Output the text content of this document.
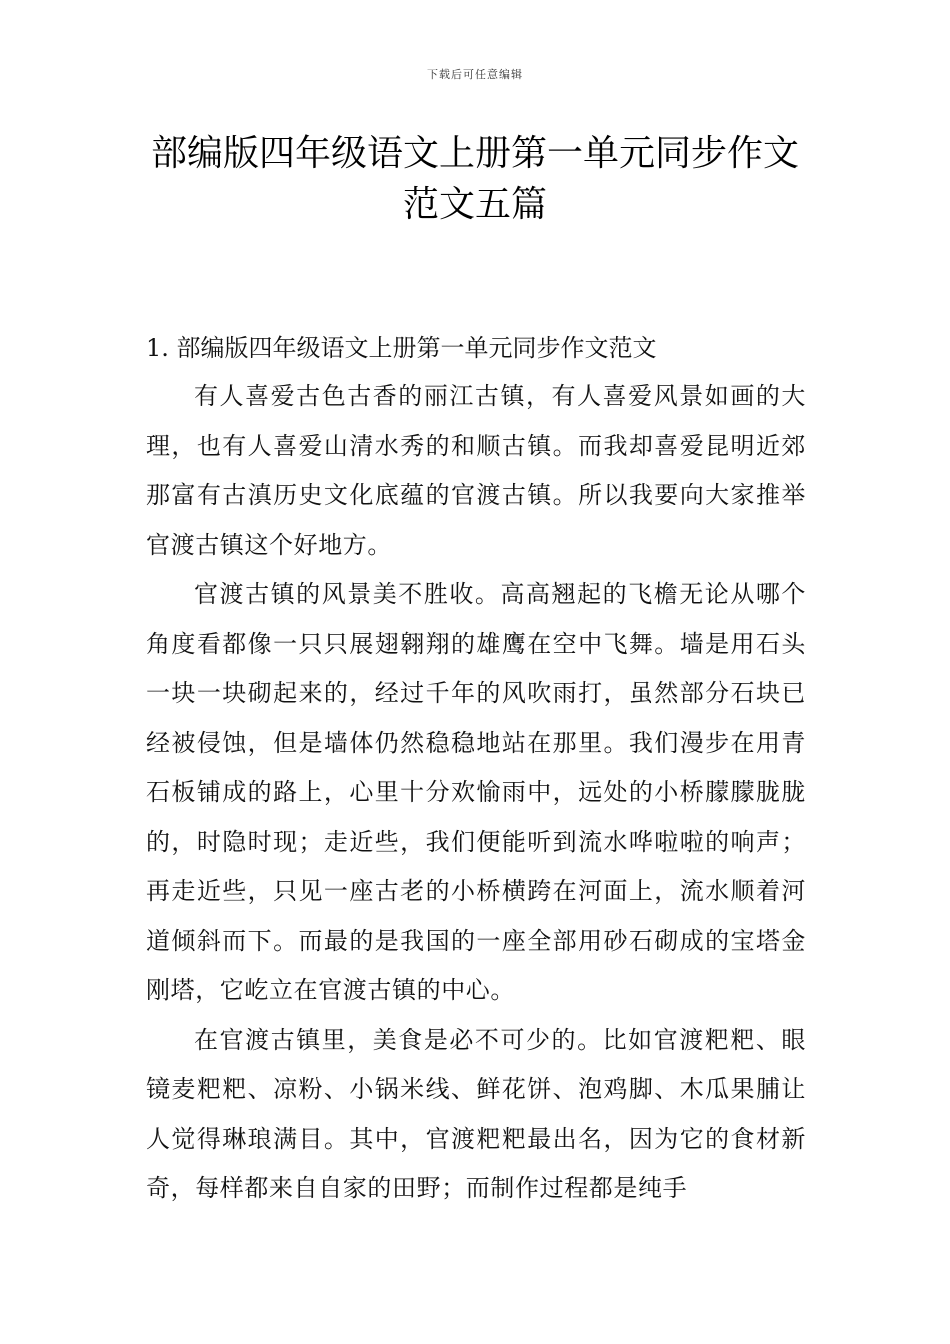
下载后可任意编辑
部编版四年级语文上册第一单元同步作文
范文五篇

1. 部编版四年级语文上册第一单元同步作文范文

有人喜爱古色古香的丽江古镇，有人喜爱风景如画的大理，也有人喜爱山清水秀的和顺古镇。而我却喜爱昆明近郊那富有古滇历史文化底蕴的官渡古镇。所以我要向大家推举官渡古镇这个好地方。

官渡古镇的风景美不胜收。高高翘起的飞檐无论从哪个角度看都像一只只展翅翱翔的雄鹰在空中飞舞。墙是用石头一块一块砌起来的，经过千年的风吹雨打，虽然部分石块已经被侵蚀，但是墙体仍然稳稳地站在那里。我们漫步在用青石板铺成的路上，心里十分欢愉雨中，远处的小桥朦朦胧胧的，时隐时现；走近些，我们便能听到流水哗啦啦的响声；再走近些，只见一座古老的小桥横跨在河面上，流水顺着河道倾斜而下。而最的是我国的一座全部用砂石砌成的宝塔金刚塔，它屹立在官渡古镇的中心。

在官渡古镇里，美食是必不可少的。比如官渡粑粑、眼镜麦粑粑、凉粉、小锅米线、鲜花饼、泡鸡脚、木瓜果脯让人觉得琳琅满目。其中，官渡粑粑最出名，因为它的食材新奇，每样都来自自家的田野；而制作过程都是纯手
